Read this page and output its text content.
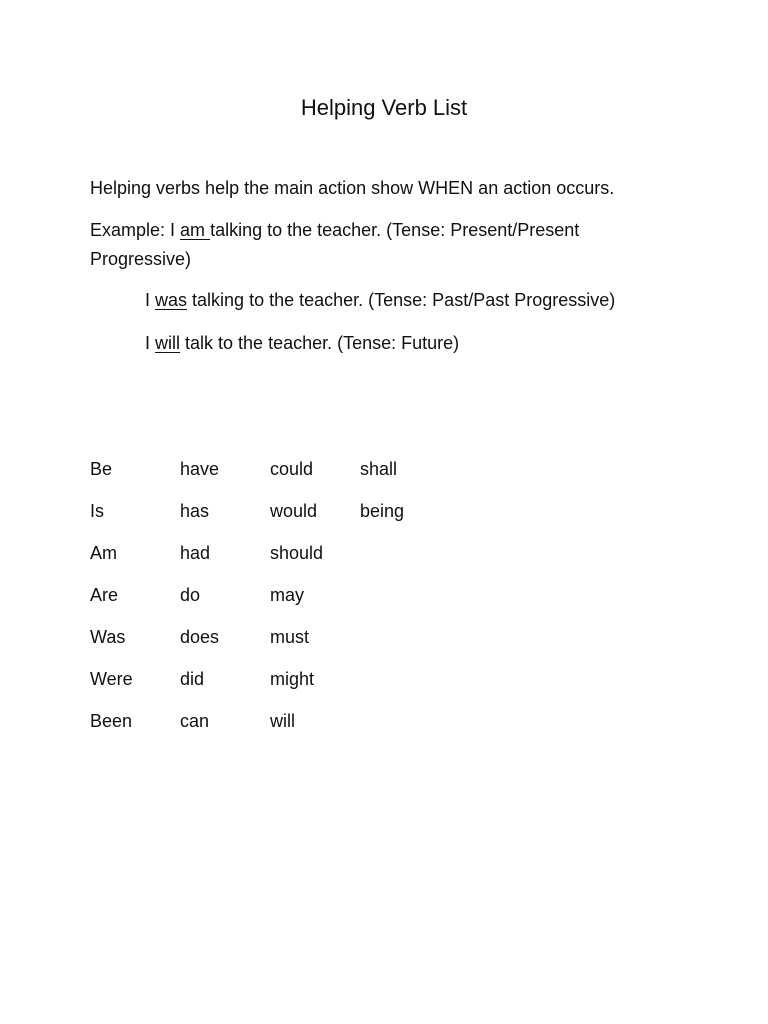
Helping Verb List
Helping verbs help the main action show WHEN an action occurs.
Example: I am talking to the teacher. (Tense: Present/Present Progressive)
I was talking to the teacher. (Tense: Past/Past Progressive)
I will talk to the teacher. (Tense: Future)
Be
Is
Am
Are
Was
Were
Been
have
has
had
do
does
did
can
could
would
should
may
must
might
will
shall
being
